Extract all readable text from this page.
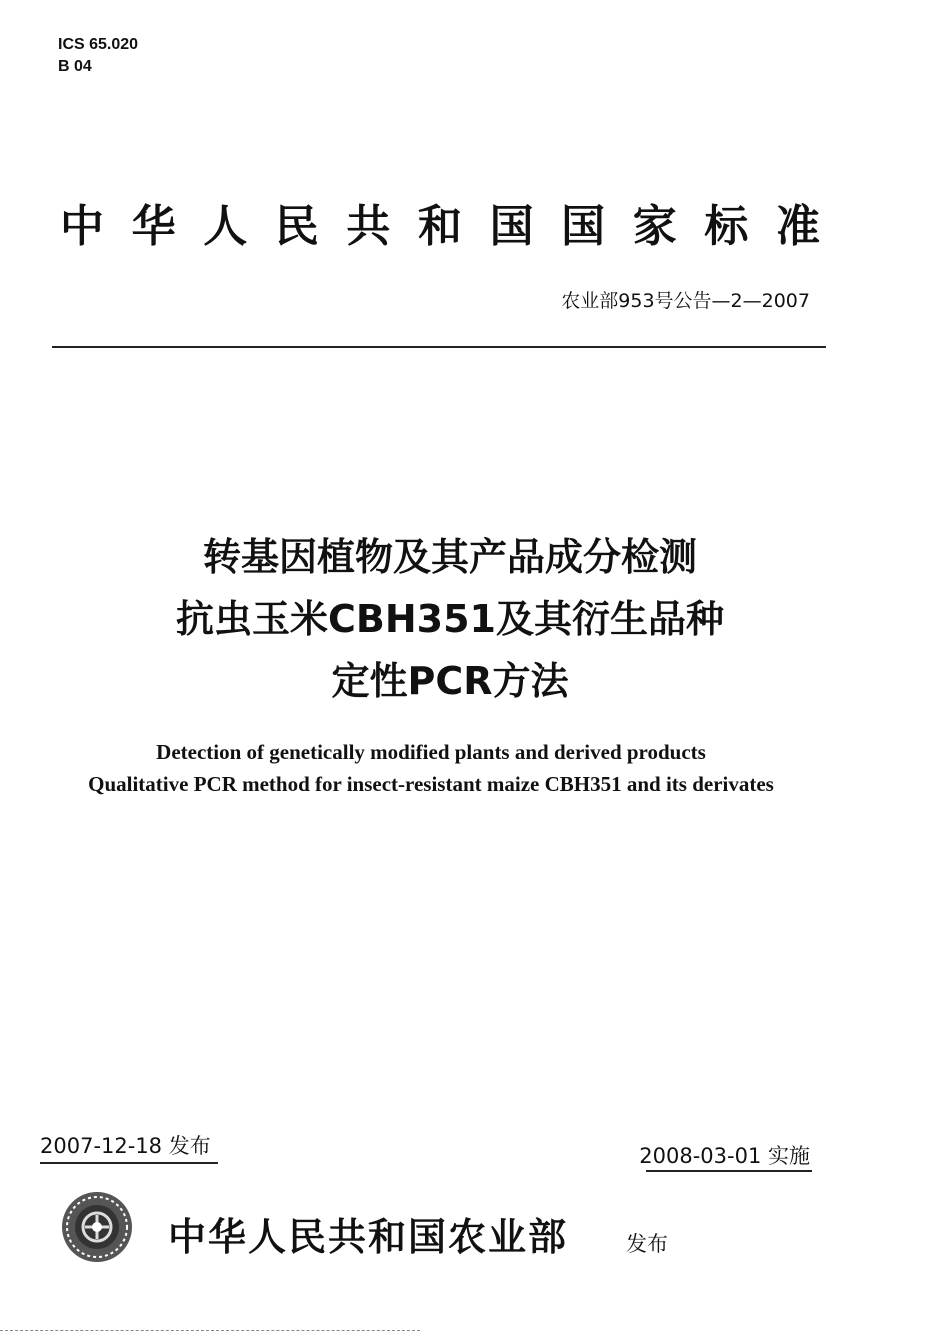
ICS 65.020
B 04
中 华 人 民 共 和 国 国 家 标 准
农业部953号公告—2—2007
转基因植物及其产品成分检测
抗虫玉米CBH351及其衍生品种
定性PCR方法
Detection of genetically modified plants and derived products
Qualitative PCR method for insect-resistant maize CBH351 and its derivates
2007-12-18 发布	2008-03-01 实施
中华人民共和国农业部	发布
